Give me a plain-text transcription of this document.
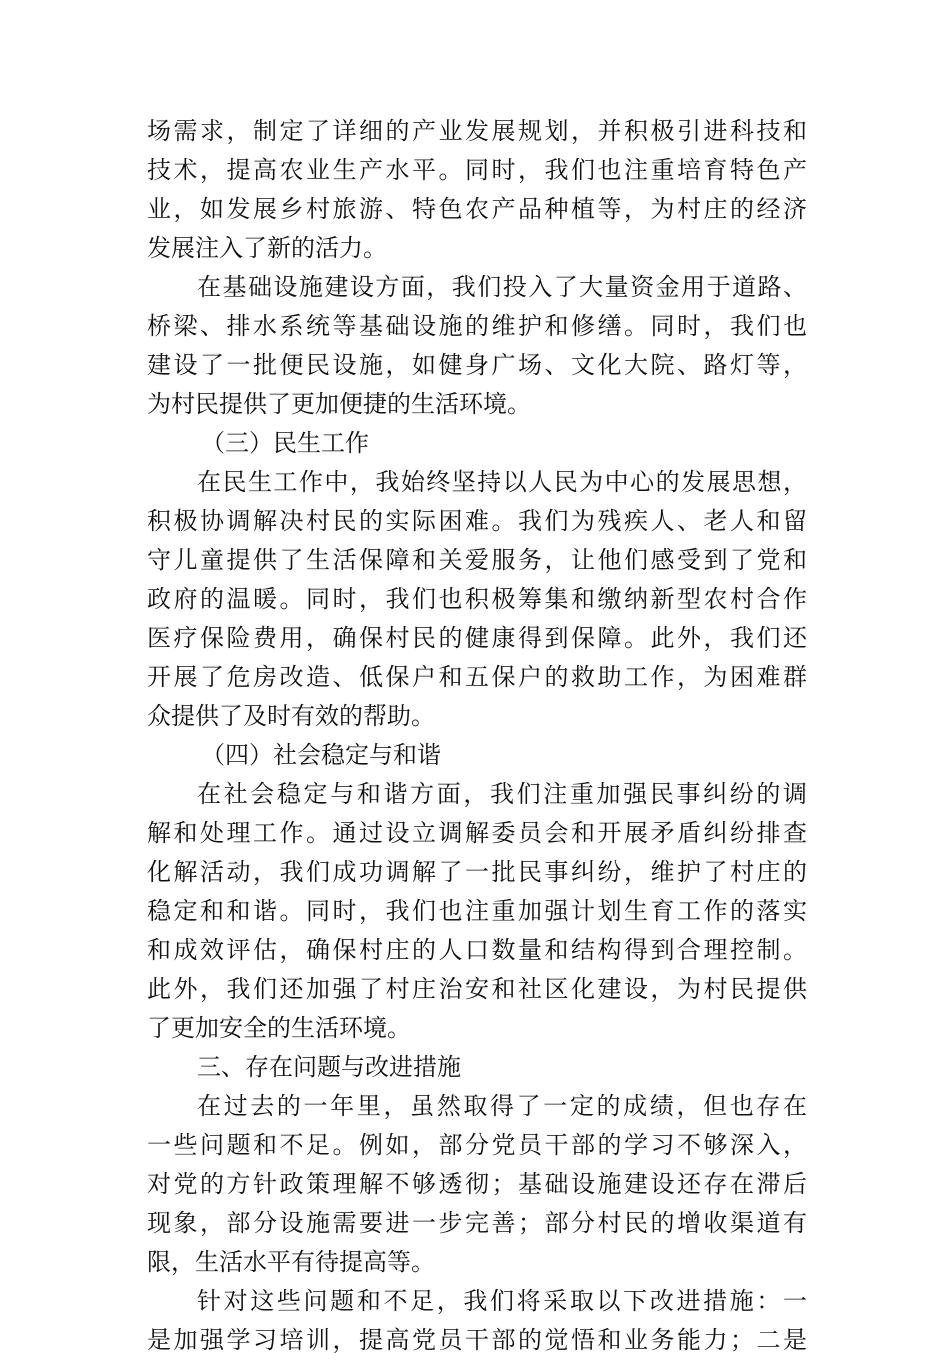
场需求，制定了详细的产业发展规划，并积极引进科技和
技术，提高农业生产水平。同时，我们也注重培育特色产
业，如发展乡村旅游、特色农产品种植等，为村庄的经济
发展注入了新的活力。
在基础设施建设方面，我们投入了大量资金用于道路、
桥梁、排水系统等基础设施的维护和修缮。同时，我们也
建设了一批便民设施，如健身广场、文化大院、路灯等，
为村民提供了更加便捷的生活环境。
（三）民生工作
在民生工作中，我始终坚持以人民为中心的发展思想，
积极协调解决村民的实际困难。我们为残疾人、老人和留
守儿童提供了生活保障和关爱服务，让他们感受到了党和
政府的温暖。同时，我们也积极筹集和缴纳新型农村合作
医疗保险费用，确保村民的健康得到保障。此外，我们还
开展了危房改造、低保户和五保户的救助工作，为困难群
众提供了及时有效的帮助。
（四）社会稳定与和谐
在社会稳定与和谐方面，我们注重加强民事纠纷的调
解和处理工作。通过设立调解委员会和开展矛盾纠纷排查
化解活动，我们成功调解了一批民事纠纷，维护了村庄的
稳定和和谐。同时，我们也注重加强计划生育工作的落实
和成效评估，确保村庄的人口数量和结构得到合理控制。
此外，我们还加强了村庄治安和社区化建设，为村民提供
了更加安全的生活环境。
三、存在问题与改进措施
在过去的一年里，虽然取得了一定的成绩，但也存在
一些问题和不足。例如，部分党员干部的学习不够深入，
对党的方针政策理解不够透彻；基础设施建设还存在滞后
现象，部分设施需要进一步完善；部分村民的增收渠道有
限，生活水平有待提高等。
针对这些问题和不足，我们将采取以下改进措施：一
是加强学习培训，提高党员干部的觉悟和业务能力；二是
